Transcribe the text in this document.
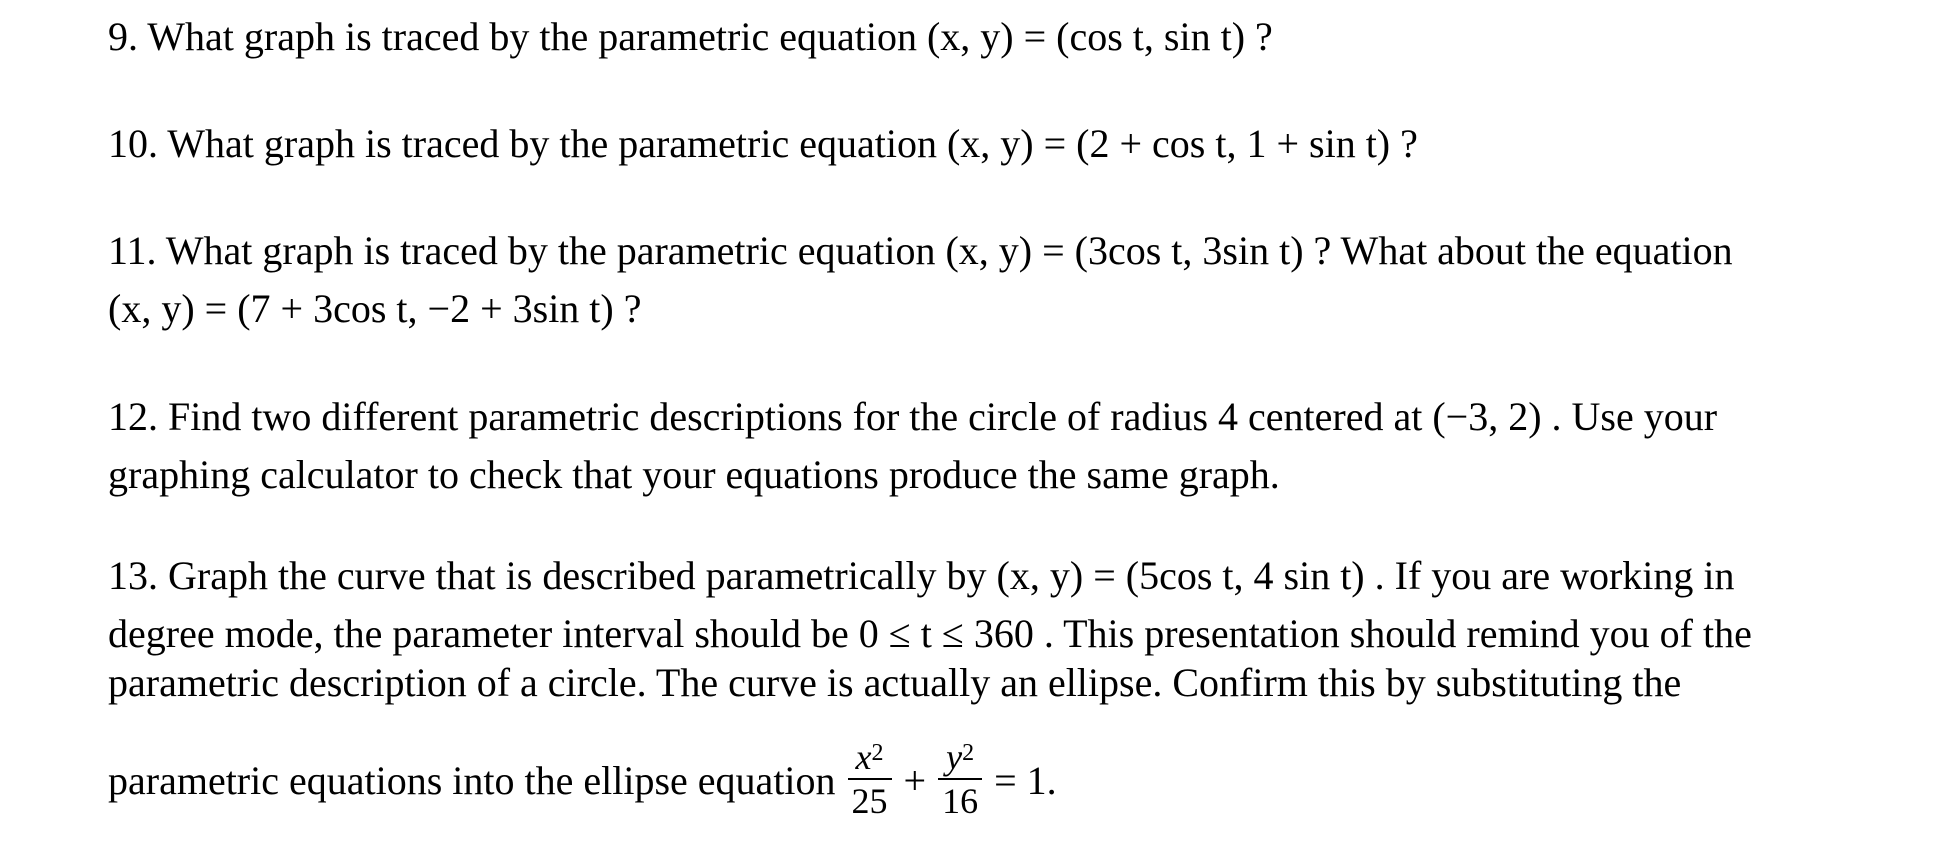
9. What graph is traced by the parametric equation (x, y) = (cos t, sin t) ?
10. What graph is traced by the parametric equation (x, y) = (2 + cos t, 1 + sin t) ?
11. What graph is traced by the parametric equation (x, y) = (3cos t, 3sin t) ? What about the equation
(x, y) = (7 + 3cos t, −2 + 3sin t) ?
12. Find two different parametric descriptions for the circle of radius 4 centered at (−3, 2) . Use your
graphing calculator to check that your equations produce the same graph.
13. Graph the curve that is described parametrically by (x, y) = (5cos t, 4 sin t) . If you are working in
degree mode, the parameter interval should be 0 ≤ t ≤ 360 . This presentation should remind you of the
parametric description of a circle. The curve is actually an ellipse. Confirm this by substituting the
parametric equations into the ellipse equation $\frac{x^2}{25} + \frac{y^2}{16} = 1$.
